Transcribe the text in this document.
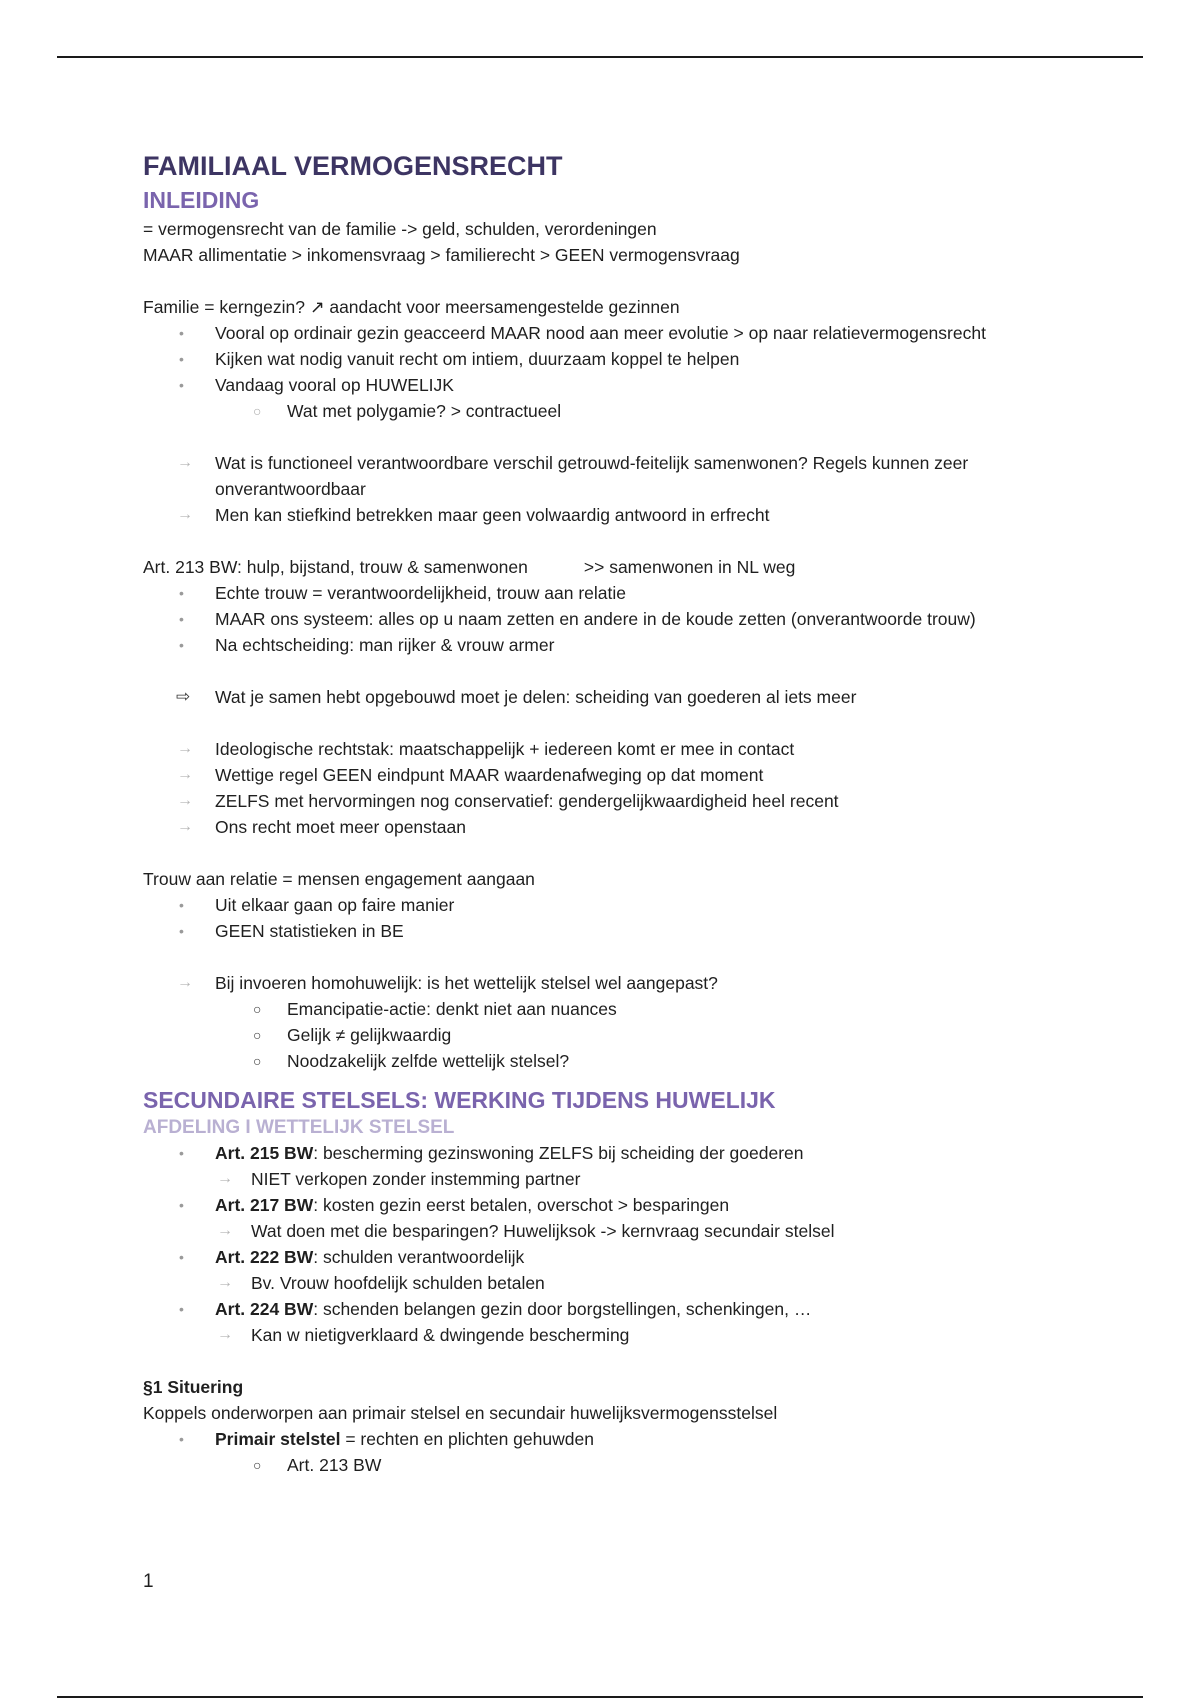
FAMILIAAL VERMOGENSRECHT
INLEIDING
= vermogensrecht van de familie -> geld, schulden, verordeningen
MAAR allimentatie > inkomensvraag > familierecht > GEEN vermogensvraag
Familie = kerngezin? ↗ aandacht voor meersamengestelde gezinnen
• Vooral op ordinair gezin geacceerd MAAR nood aan meer evolutie > op naar relatievermogensrecht
• Kijken wat nodig vanuit recht om intiem, duurzaam koppel te helpen
• Vandaag vooral op HUWELIJK
○ Wat met polygamie? > contractueel
→ Wat is functioneel verantwoordbare verschil getrouwd-feitelijk samenwonen? Regels kunnen zeer onverantwoordbaar
→ Men kan stiefkind betrekken maar geen volwaardig antwoord in erfrecht
Art. 213 BW: hulp, bijstand, trouw & samenwonen	>> samenwonen in NL weg
• Echte trouw = verantwoordelijkheid, trouw aan relatie
• MAAR ons systeem: alles op u naam zetten en andere in de koude zetten (onverantwoorde trouw)
• Na echtscheiding: man rijker & vrouw armer
⇨ Wat je samen hebt opgebouwd moet je delen: scheiding van goederen al iets meer
→ Ideologische rechtstak: maatschappelijk + iedereen komt er mee in contact
→ Wettige regel GEEN eindpunt MAAR waardenafweging op dat moment
→ ZELFS met hervormingen nog conservatief: gendergelijkwaardigheid heel recent
→ Ons recht moet meer openstaan
Trouw aan relatie = mensen engagement aangaan
• Uit elkaar gaan op faire manier
• GEEN statistieken in BE
→ Bij invoeren homohuwelijk: is het wettelijk stelsel wel aangepast?
○ Emancipatie-actie: denkt niet aan nuances
○ Gelijk ≠ gelijkwaardig
○ Noodzakelijk zelfde wettelijk stelsel?
SECUNDAIRE STELSELS: WERKING TIJDENS HUWELIJK
AFDELING I WETTELIJK STELSEL
• Art. 215 BW: bescherming gezinswoning ZELFS bij scheiding der goederen
→ NIET verkopen zonder instemming partner
• Art. 217 BW: kosten gezin eerst betalen, overschot > besparingen
→ Wat doen met die besparingen? Huwelijksok -> kernvraag secundair stelsel
• Art. 222 BW: schulden verantwoordelijk
→ Bv. Vrouw hoofdelijk schulden betalen
• Art. 224 BW: schenden belangen gezin door borgstellingen, schenkingen, …
→ Kan w nietigverklaard & dwingende bescherming
§1 Situering
Koppels onderworpen aan primair stelsel en secundair huwelijksvermogensstelsel
• Primair stelstel = rechten en plichten gehuwden
○ Art. 213 BW
1
